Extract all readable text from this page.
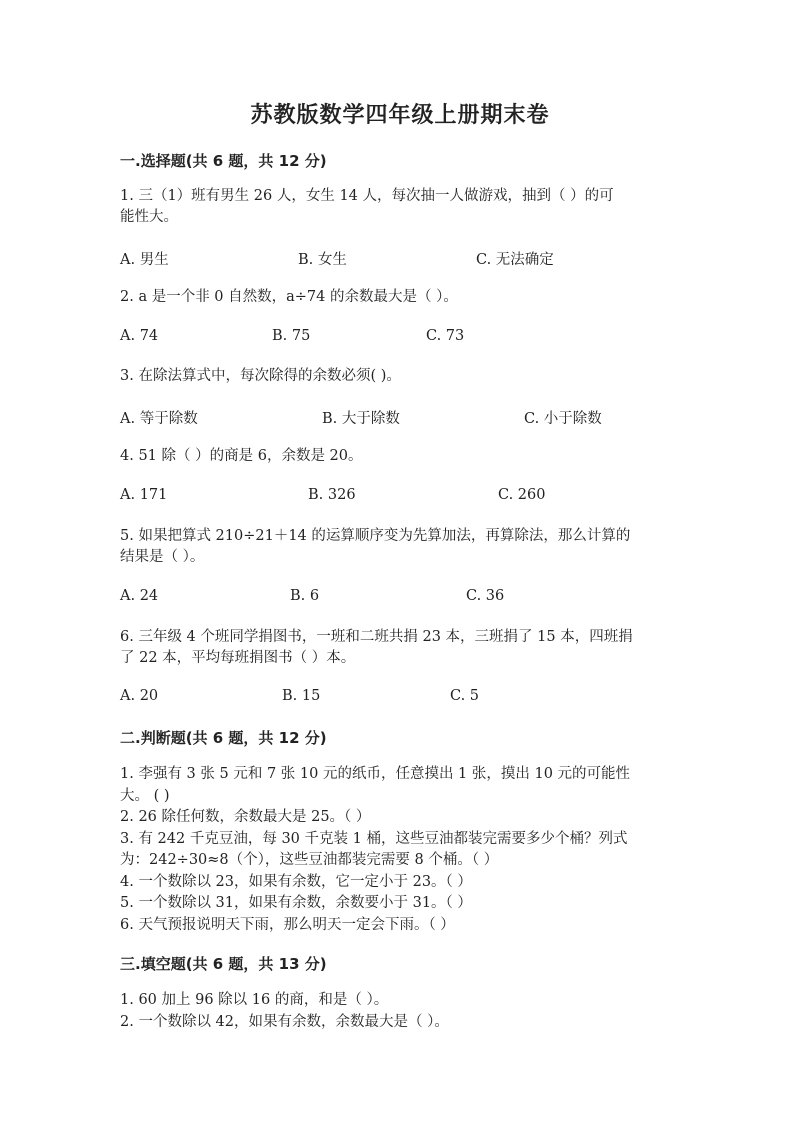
苏教版数学四年级上册期末卷
一.选择题(共 6 题，共 12 分)
1. 三（1）班有男生 26 人，女生 14 人，每次抽一人做游戏，抽到（ ）的可
能性大。
A. 男生	B. 女生	C. 无法确定
2. a 是一个非 0 自然数，a÷74 的余数最大是（ ）。
A. 74	B. 75	C. 73
3. 在除法算式中，每次除得的余数必须( )。
A. 等于除数	B. 大于除数	C. 小于除数
4. 51 除（ ）的商是 6，余数是 20。
A. 171	B. 326	C. 260
5. 如果把算式 210÷21＋14 的运算顺序变为先算加法，再算除法，那么计算的
结果是（ ）。
A. 24	B. 6	C. 36
6. 三年级 4 个班同学捐图书，一班和二班共捐 23 本，三班捐了 15 本，四班捐
了 22 本，平均每班捐图书（ ）本。
A. 20	B. 15	C. 5
二.判断题(共 6 题，共 12 分)
1. 李强有 3 张 5 元和 7 张 10 元的纸币，任意摸出 1 张，摸出 10 元的可能性
大。 ( )
2. 26 除任何数，余数最大是 25。（ ）
3. 有 242 千克豆油，每 30 千克装 1 桶，这些豆油都装完需要多少个桶？列式
为：242÷30≈8（个），这些豆油都装完需要 8 个桶。（ ）
4. 一个数除以 23，如果有余数，它一定小于 23。（ ）
5. 一个数除以 31，如果有余数，余数要小于 31。（ ）
6. 天气预报说明天下雨，那么明天一定会下雨。（ ）
三.填空题(共 6 题，共 13 分)
1. 60 加上 96 除以 16 的商，和是（ ）。
2. 一个数除以 42，如果有余数，余数最大是（ ）。
